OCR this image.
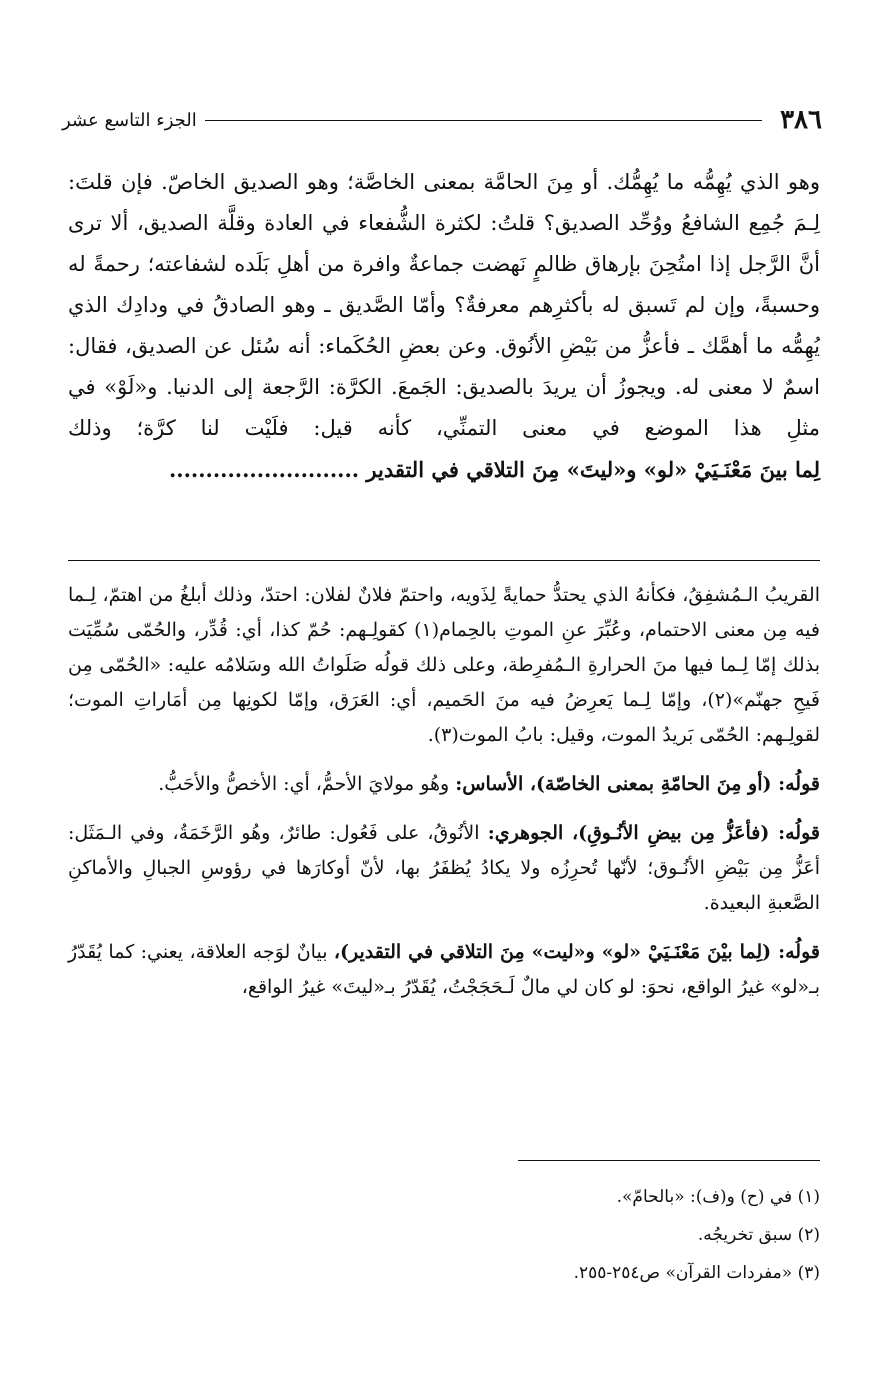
٣٨٦
الجزء التاسع عشر

وهو الذي يُهِمُّه ما يُهِمُّك. أو مِنَ الحامَّة بمعنى الخاصَّة؛ وهو الصديق الخاصّ. فإن قلتَ: لِـمَ جُمِع الشافعُ ووُحِّد الصديق؟ قلتُ: لكثرة الشُّفعاء في العادة وقلَّة الصديق، ألا ترى أنَّ الرَّجل إذا امتُحِنَ بإرهاق ظالمٍ نَهضت جماعةٌ وافرة من أهلِ بَلَده لشفاعته؛ رحمةً له وحسبةً، وإن لم تَسبق له بأكثرِهم معرفةٌ؟ وأمّا الصَّديق ـ وهو الصادقُ في ودادِك الذي يُهِمُّه ما أهمَّك ـ فأعزُّ من بَيْضِ الأنُوق. وعن بعضِ الحُكَماء: أنه سُئل عن الصديق، فقال: اسمٌ لا معنى له. ويجوزُ أن يريدَ بالصديق: الجَمعَ. الكرَّة: الرَّجعة إلى الدنيا. و«لَوْ» في مثلِ هذا الموضع في معنى التمنِّي، كأنه قيل: فلَيْت لنا كرَّة؛ وذلك

لِما بينَ مَعْنَـيَيْ «لو» و«ليتَ» مِنَ التلاقي في التقدير ..........................

القريبُ الـمُشفِقُ، فكأنهُ الذي يحتدُّ حمايةً لِذَويه، واحتمّ فلانٌ لفلان: احتدّ، وذلك أبلغُ من اهتمّ، لِـما فيه مِن معنى الاحتمام، وعُبِّرَ عنِ الموتِ بالحِمام(١) كقولِـهم: حُمّ كذا، أي: قُدِّر، والحُمّى سُمِّيَت بذلك إمّا لِـما فيها منَ الحرارةِ الـمُفرِطة، وعلى ذلك قولُه صَلَواتُ الله وسَلامُه عليه: «الحُمّى مِن فَيحِ جهنّم»(٢)، وإمّا لِـما يَعرِضُ فيه منَ الحَميم، أي: العَرَق، وإمّا لكونِها مِن أمَاراتِ الموت؛ لقولِـهم: الحُمّى بَريدُ الموت، وقيل: بابُ الموت(٣).

قولُه: (أو مِنَ الحامّةِ بمعنى الخاصّة)، الأساس: وهُو مولايَ الأحمُّ، أي: الأخصُّ والأحَبُّ.

قولُه: (فأعَزُّ مِن بيضِ الأنُـوقِ)، الجوهري: الأنُوقُ، على فَعُول: طائرٌ، وهُو الرَّخَمَةُ، وفي الـمَثَل: أعَزُّ مِن بَيْضِ الأنُـوق؛ لأنّها تُحرِزُه ولا يكادُ يُظفَرُ بها، لأنّ أوكارَها في رؤوسِ الجبالِ والأماكنِ الصَّعبةِ البعيدة.

قولُه: (لِما بيْنَ مَعْنَـيَيْ «لو» و«ليت» مِنَ التلاقي في التقدير)، بيانٌ لوَجه العلاقة، يعني: كما يُقَدّرُ بـ«لو» غيرُ الواقع، نحوَ: لو كان لي مالٌ لَـحَجَجْتُ، يُقَدّرُ بـ«ليتَ» غيرُ الواقع،

(١) في (ح) و(ف): «بالحامّ».
(٢) سبق تخريجُه.
(٣) «مفردات القرآن» ص٢٥٤-٢٥٥.
